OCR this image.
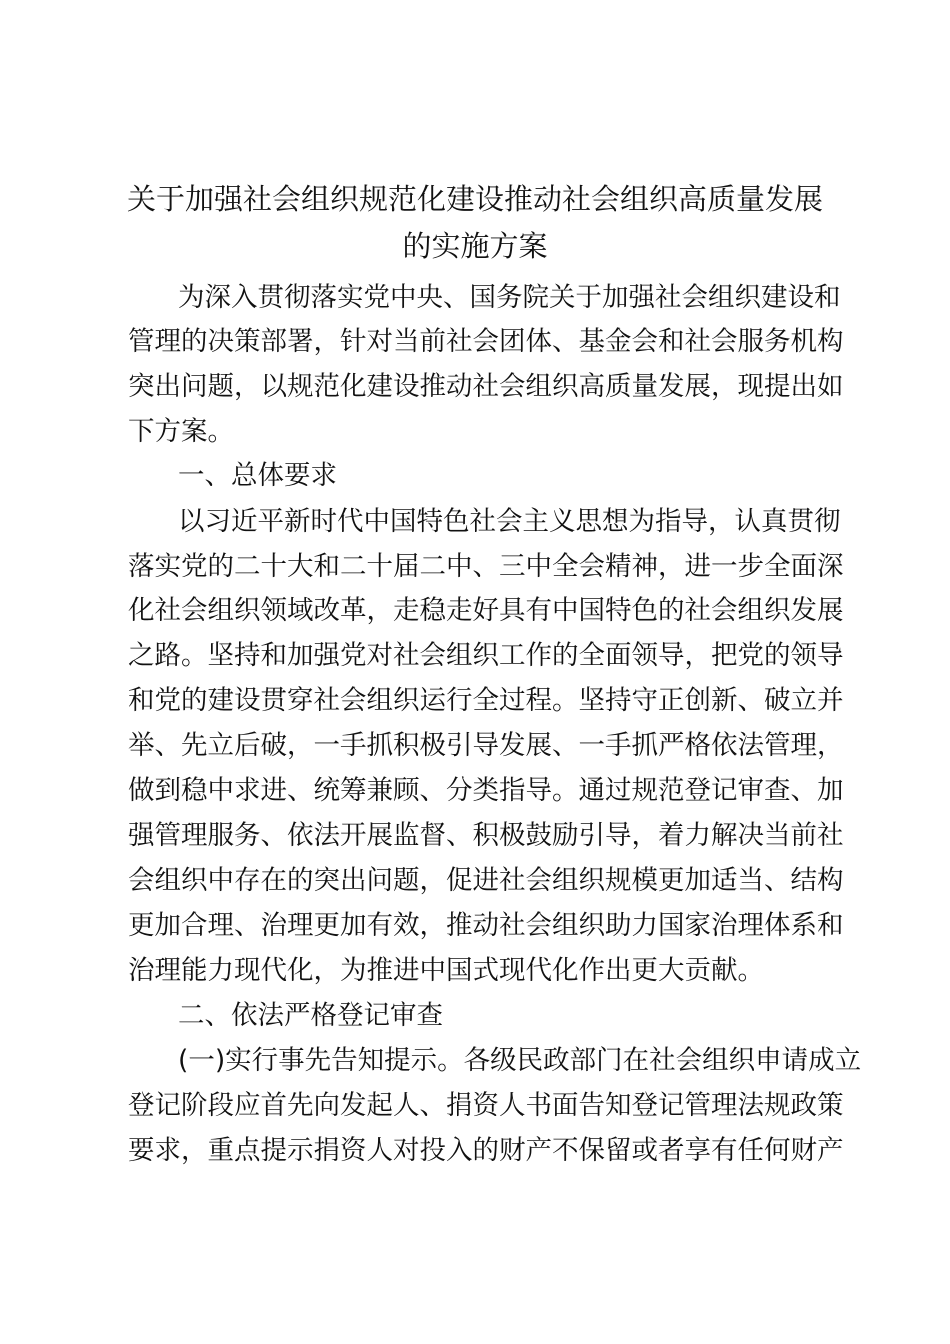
关于加强社会组织规范化建设推动社会组织高质量发展
的实施方案

为深入贯彻落实党中央、国务院关于加强社会组织建设和

管理的决策部署，针对当前社会团体、基金会和社会服务机构

突出问题，以规范化建设推动社会组织高质量发展，现提出如

下方案。

一、总体要求

以习近平新时代中国特色社会主义思想为指导，认真贯彻

落实党的二十大和二十届二中、三中全会精神，进一步全面深

化社会组织领域改革，走稳走好具有中国特色的社会组织发展

之路。坚持和加强党对社会组织工作的全面领导，把党的领导

和党的建设贯穿社会组织运行全过程。坚持守正创新、破立并

举、先立后破，一手抓积极引导发展、一手抓严格依法管理，

做到稳中求进、统筹兼顾、分类指导。通过规范登记审查、加

强管理服务、依法开展监督、积极鼓励引导，着力解决当前社

会组织中存在的突出问题，促进社会组织规模更加适当、结构

更加合理、治理更加有效，推动社会组织助力国家治理体系和

治理能力现代化，为推进中国式现代化作出更大贡献。

二、依法严格登记审查

(一)实行事先告知提示。各级民政部门在社会组织申请成立

登记阶段应首先向发起人、捐资人书面告知登记管理法规政策

要求，重点提示捐资人对投入的财产不保留或者享有任何财产
